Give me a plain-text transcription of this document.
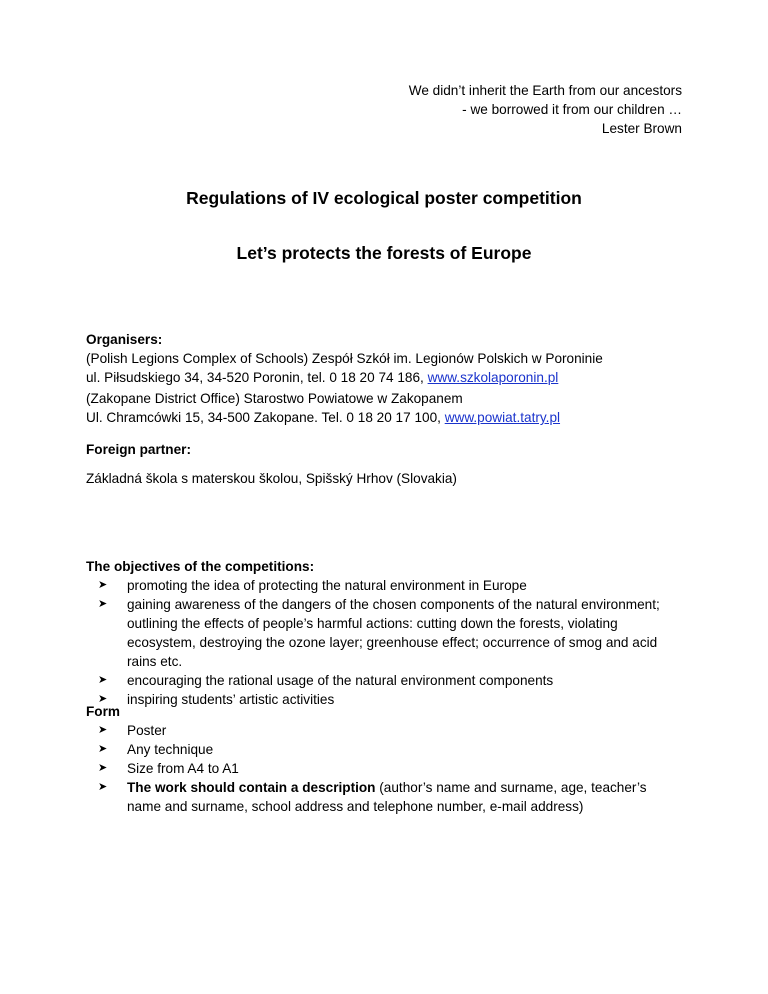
We didn’t inherit the Earth from our ancestors
- we borrowed it from our children …
Lester Brown
Regulations of IV ecological poster competition
Let’s protects the forests of Europe
Organisers:
(Polish Legions Complex of Schools) Zespół Szkół im. Legionów Polskich w Poroninie
ul. Piłsudskiego 34, 34-520 Poronin, tel. 0 18 20 74 186, www.szkolaporonin.pl
(Zakopane District Office) Starostwo Powiatowe w Zakopanem
Ul. Chramcówki 15, 34-500 Zakopane. Tel. 0 18 20 17 100, www.powiat.tatry.pl
Foreign partner:
Základná škola s materskou školou, Spišský Hrhov (Slovakia)
The objectives of the competitions:
➤ promoting the idea of protecting the natural environment in Europe
➤ gaining awareness of the dangers of the chosen components of the natural environment; outlining the effects of people’s harmful actions: cutting down the forests, violating ecosystem, destroying the ozone layer; greenhouse effect; occurrence of smog and acid rains etc.
➤ encouraging the rational usage of the natural environment components
➤ inspiring students’ artistic activities
Form
➤ Poster
➤ Any technique
➤ Size from A4 to A1
➤ The work should contain a description (author’s name and surname, age, teacher’s name and surname, school address and telephone number, e-mail address)
